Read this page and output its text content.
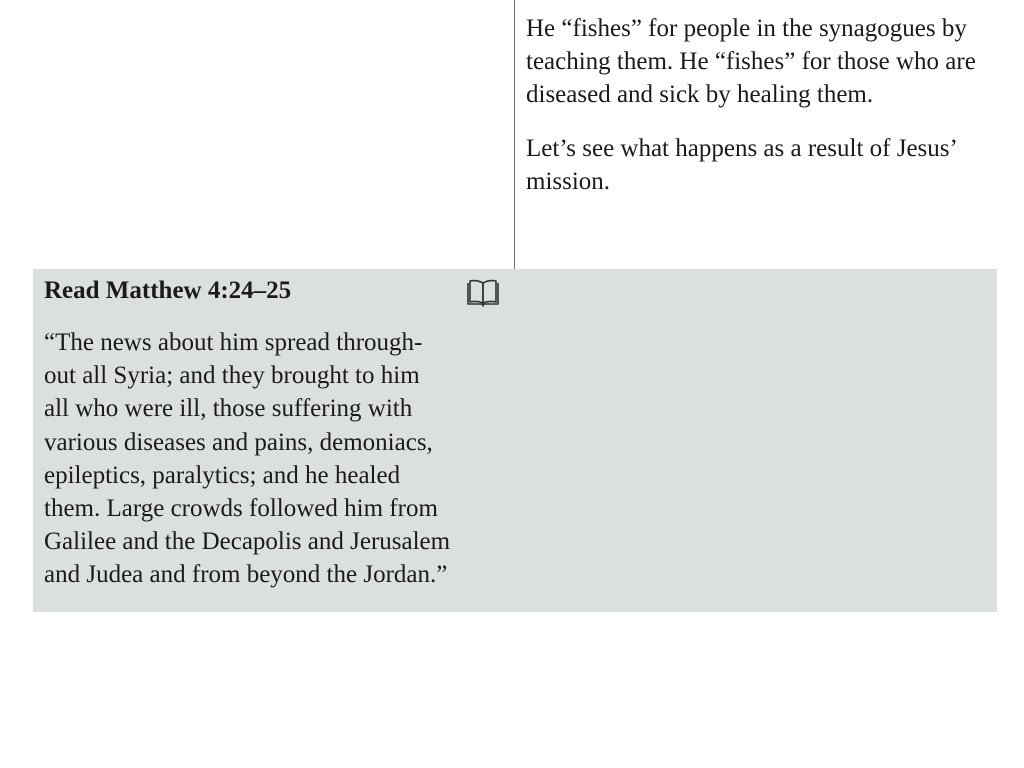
He “fishes” for people in the synagogues by teaching them. He “fishes” for those who are diseased and sick by healing them.

Let’s see what happens as a result of Jesus’ mission.

Read Matthew 4:24–25
“The news about him spread through-
out all Syria; and they brought to him
all who were ill, those suffering with
various diseases and pains, demoniacs,
epileptics, paralytics; and he healed
them. Large crowds followed him from
Galilee and the Decapolis and Jerusalem
and Judea and from beyond the Jordan.”
